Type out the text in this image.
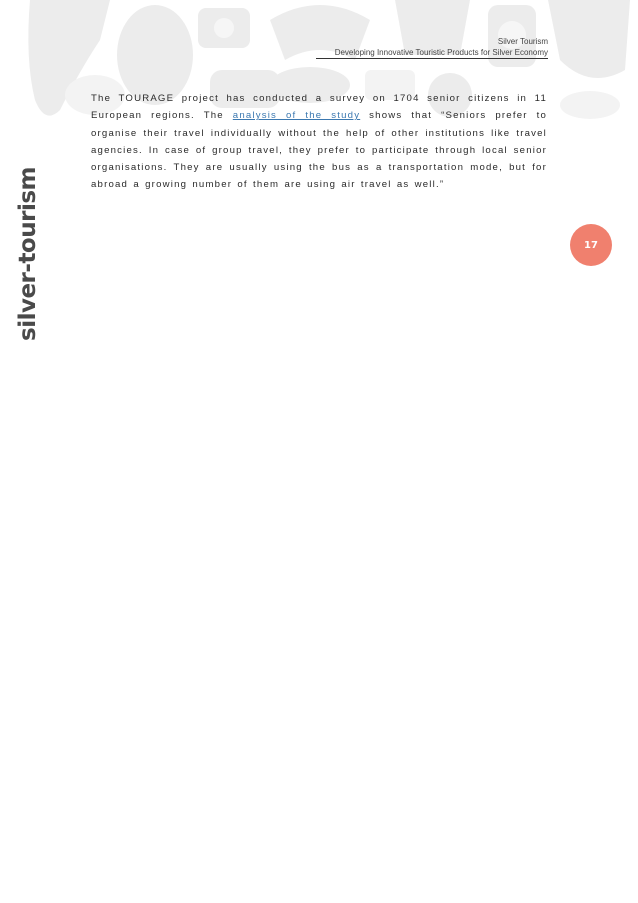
Silver Tourism
Developing Innovative Touristic Products for Silver Economy
silver-tourism	17

The TOURAGE project has conducted a survey on 1704 senior citizens in 11 European regions. The analysis of the study shows that “Seniors prefer to organise their travel individually without the help of other institutions like travel agencies. In case of group travel, they prefer to participate through local senior organisations. They are usually using the bus as a transportation mode, but for abroad a growing number of them are using air travel as well.”
